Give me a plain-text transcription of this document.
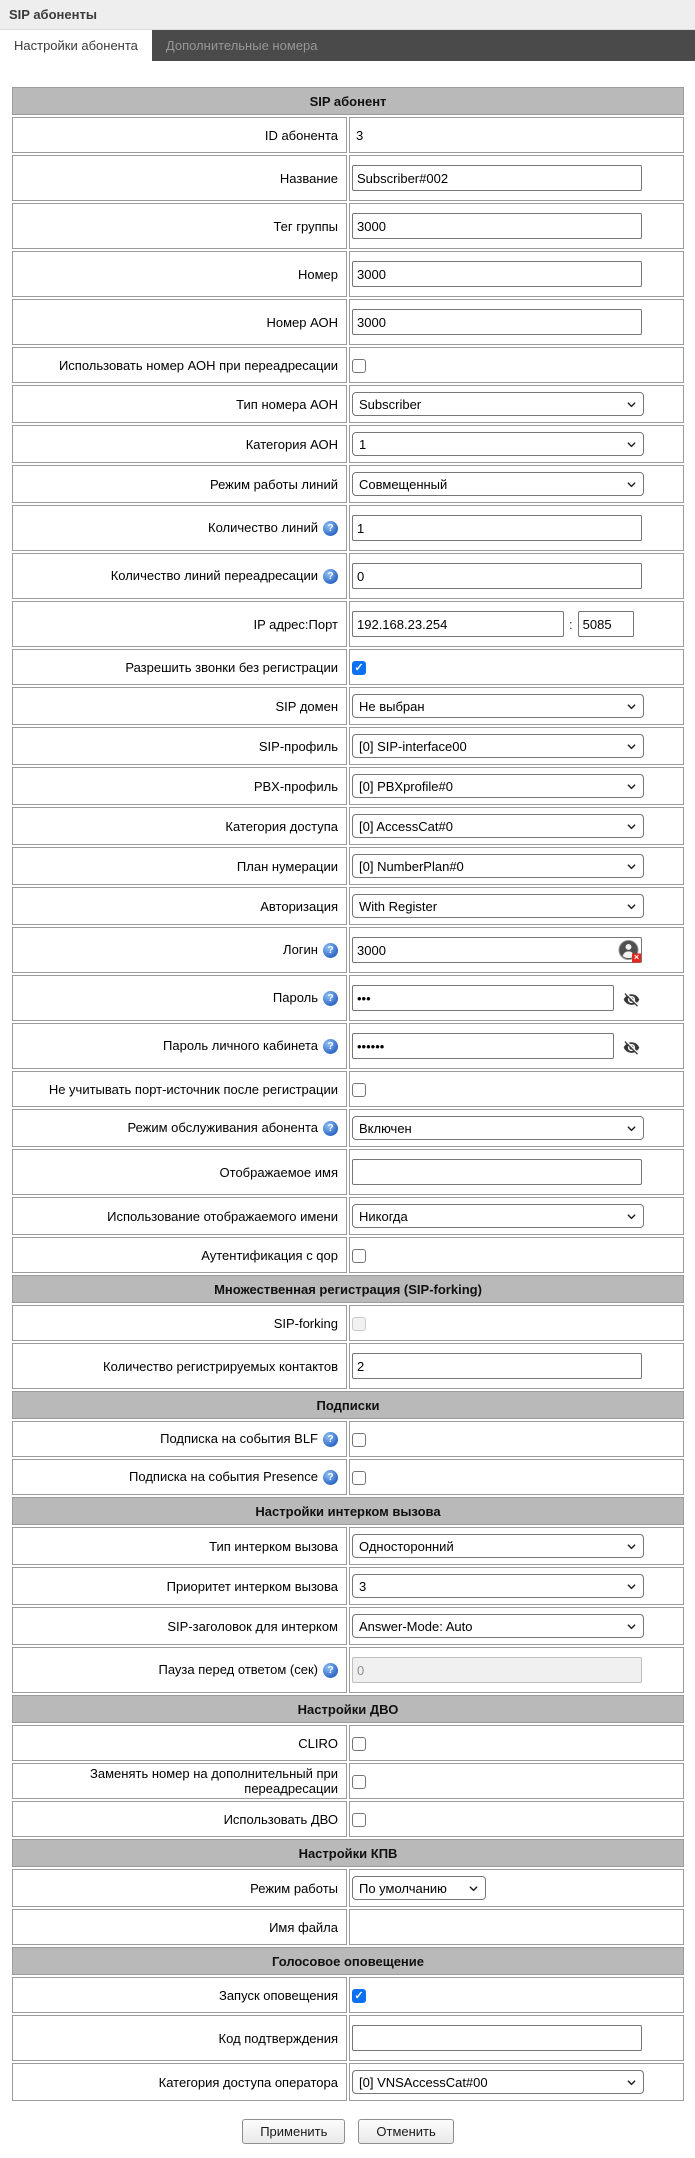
SIP абоненты
Настройки абонента	Дополнительные номера
SIP абонент	
ID абонента	3
Название	Subscriber#002
Тег группы	3000
Номер	3000
Номер АОН	3000
Использовать номер АОН при переадресации	
Тип номера АОН	Subscriber

Категория АОН	1

Режим работы линий	Совмещенный

Количество линий ?	1
Количество линий переадресации ?	0
IP адрес:Порт	192.168.23.254:5085
Разрешить звонки без регистрации	✓
SIP домен	Не выбран

SIP-профиль	[0] SIP-interface00

PBX-профиль	[0] PBXprofile#0

Категория доступа	[0] AccessCat#0

План нумерации	[0] NumberPlan#0

Авторизация	With Register

Логин ?	3000
✕

Пароль ?	•••
Пароль личного кабинета ?	••••••
Не учитывать порт-источник после регистрации	
Режим обслуживания абонента ?	Включен

Отображаемое имя	
Использование отображаемого имени	Никогда

Аутентификация с qop	
Множественная регистрация (SIP-forking)	
SIP-forking	
Количество регистрируемых контактов	2
Подписки	
Подписка на события BLF ?	
Подписка на события Presence ?	
Настройки интерком вызова	
Тип интерком вызова	Односторонний

Приоритет интерком вызова	3

SIP-заголовок для интерком	Answer-Mode: Auto

Пауза перед ответом (сек) ?	0
Настройки ДВО	
CLIRO	
Заменять номер на дополнительный при переадресации	
Использовать ДВО	
Настройки КПВ	
Режим работы	По умолчанию

Имя файла	
Голосовое оповещение	
Запуск оповещения	✓
Код подтверждения	
Категория доступа оператора	[0] VNSAccessCat#00
Применить	Отменить
